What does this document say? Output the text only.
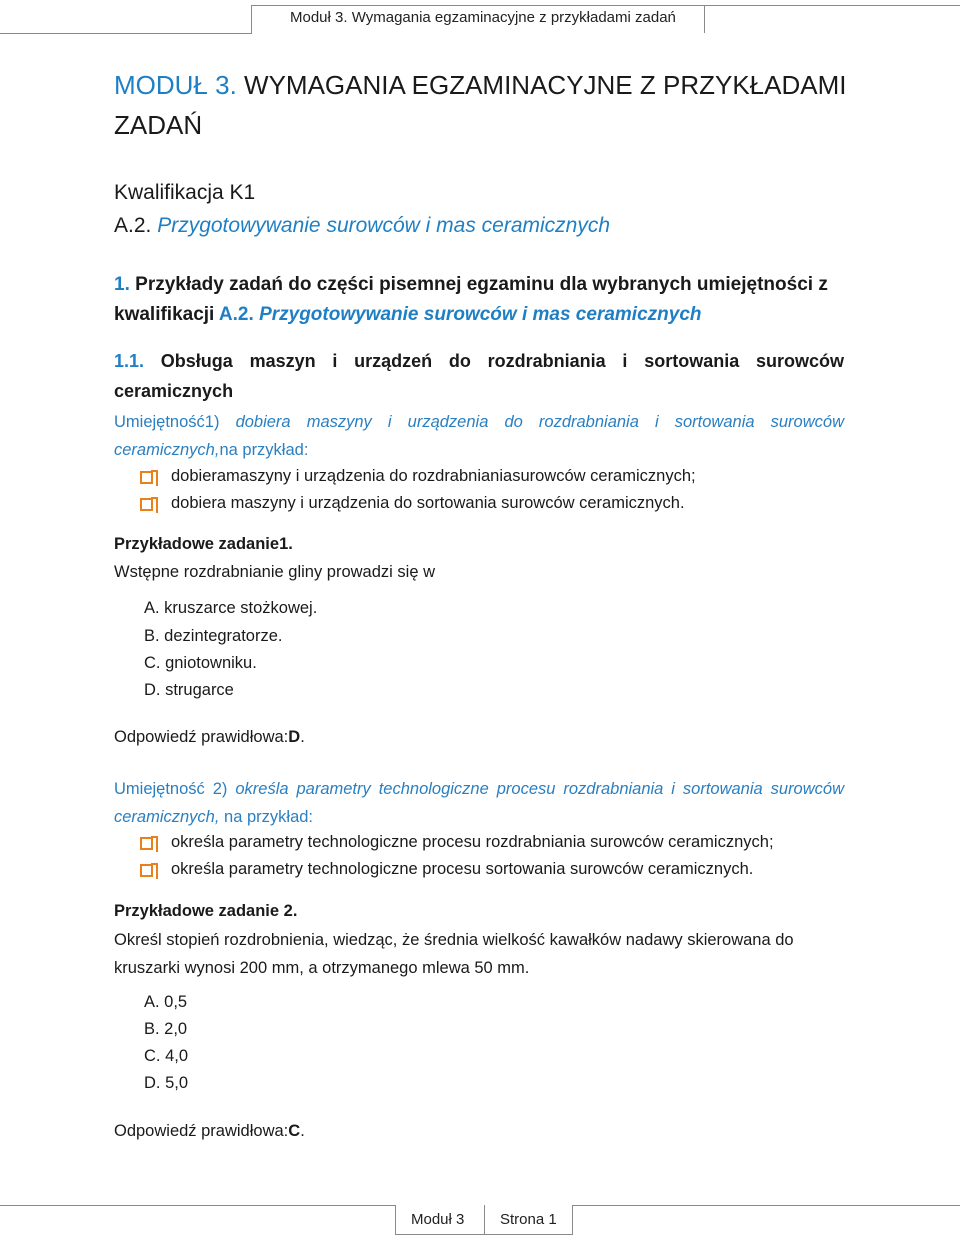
Moduł 3. Wymagania egzaminacyjne z przykładami zadań
MODUŁ 3. WYMAGANIA EGZAMINACYJNE Z PRZYKŁADAMI ZADAŃ
Kwalifikacja K1
A.2. Przygotowywanie surowców i mas ceramicznych
1. Przykłady zadań do części pisemnej egzaminu dla wybranych umiejętności z kwalifikacji A.2. Przygotowywanie surowców i mas ceramicznych
1.1. Obsługa maszyn i urządzeń do rozdrabniania i sortowania surowców ceramicznych
Umiejętność1) dobiera maszyny i urządzenia do rozdrabniania i sortowania surowców ceramicznych,na przykład:
dobieramaszyny i urządzenia do rozdrabnianiasurowców ceramicznych;
dobiera maszyny i urządzenia do sortowania surowców ceramicznych.
Przykładowe zadanie1.
Wstępne rozdrabnianie gliny prowadzi się w
A. kruszarce stożkowej.
B. dezintegratorze.
C. gniotowniku.
D. strugarce
Odpowiedź prawidłowa:D.
Umiejętność 2) określa parametry technologiczne procesu rozdrabniania i sortowania surowców ceramicznych, na przykład:
określa parametry technologiczne procesu rozdrabniania surowców ceramicznych;
określa parametry technologiczne procesu sortowania surowców ceramicznych.
Przykładowe zadanie 2.
Określ stopień rozdrobnienia, wiedząc, że średnia wielkość kawałków nadawy skierowana do kruszarki wynosi 200 mm, a otrzymanego mlewa 50 mm.
A. 0,5
B. 2,0
C. 4,0
D. 5,0
Odpowiedź prawidłowa:C.
Moduł 3 Strona 1
